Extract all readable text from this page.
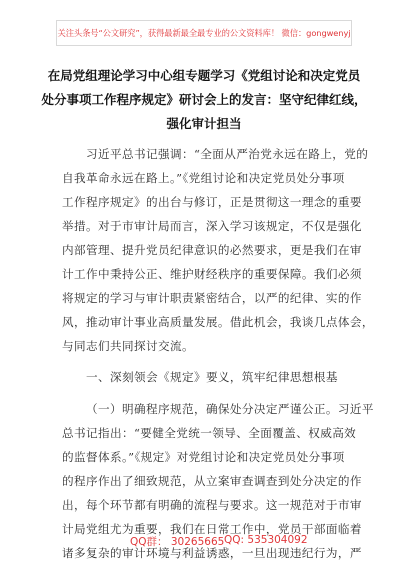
关注头条号“公文研究”，获得最新最全最专业的公文资料库！ 微信：gongwenyj
在局党组理论学习中心组专题学习《党组讨论和决定党员
处分事项工作程序规定》研讨会上的发言：坚守纪律红线，
强化审计担当
习近平总书记强调：“全面从严治党永远在路上，党的
自我革命永远在路上。”《党组讨论和决定党员处分事项
工作程序规定》的出台与修订，正是贯彻这一理念的重要
举措。对于市审计局而言，深入学习该规定，不仅是强化
内部管理、提升党员纪律意识的必然要求，更是我们在审
计工作中秉持公正、维护财经秩序的重要保障。我们必须
将规定的学习与审计职责紧密结合，以严的纪律、实的作
风，推动审计事业高质量发展。借此机会，我谈几点体会，
与同志们共同探讨交流。
一、深刻领会《规定》要义，筑牢纪律思想根基
（一）明确程序规范，确保处分决定严谨公正。习近平
总书记指出：“要健全党统一领导、全面覆盖、权威高效
的监督体系。”《规定》对党组讨论和决定党员处分事项
的程序作出了细致规范，从立案审查调查到处分决定的作
出，每个环节都有明确的流程与要求。这一规范对于市审
计局党组尤为重要，我们在日常工作中，党员干部面临着
诸多复杂的审计环境与利益诱惑，一旦出现违纪行为，严
QQ群： 30265665 QQ: 535304092
